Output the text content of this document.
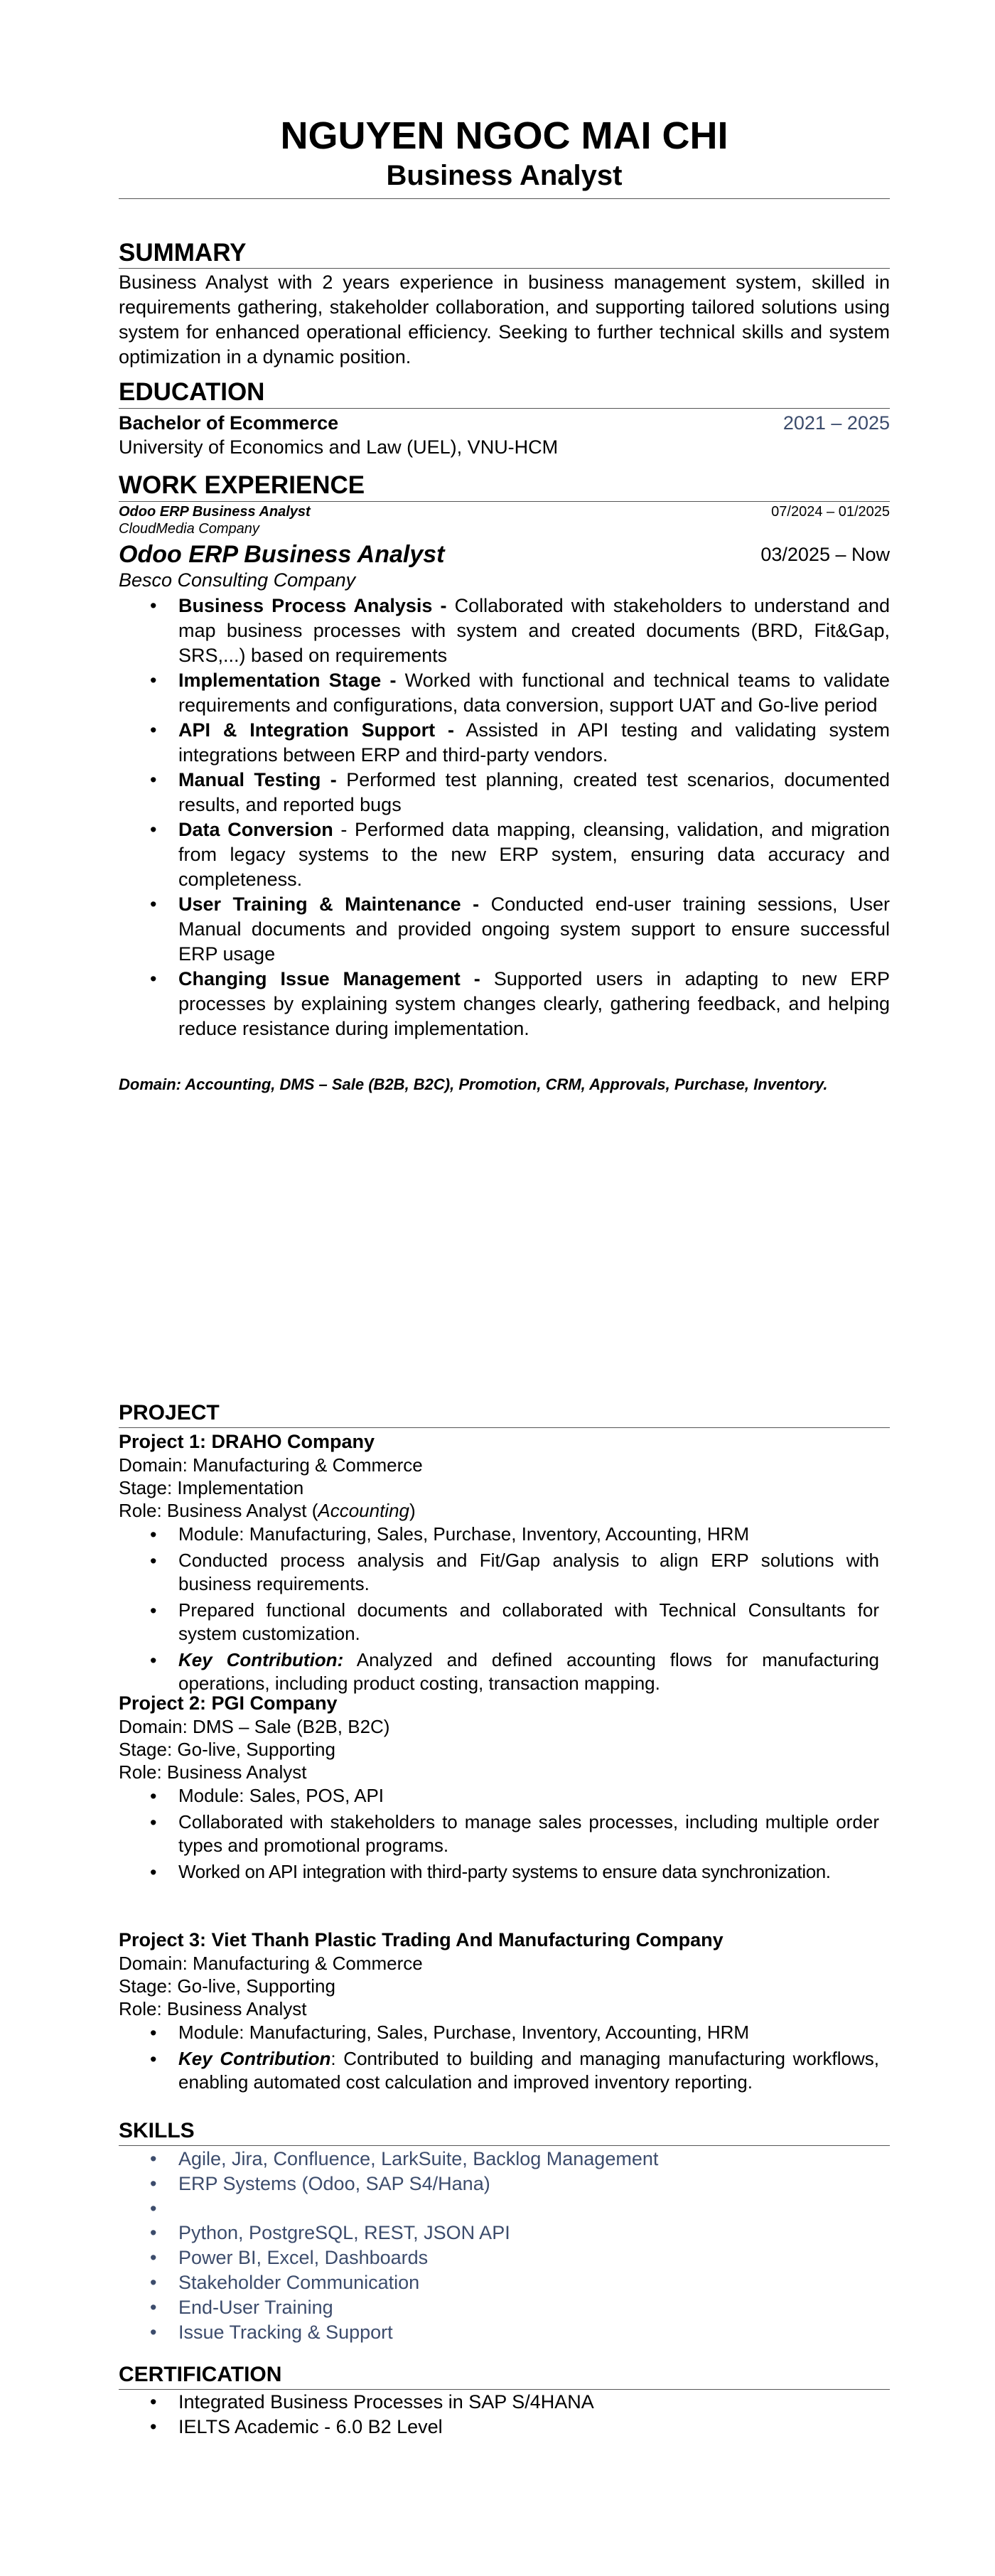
NGUYEN NGOC MAI CHI
Business Analyst
SUMMARY
Business Analyst with 2 years experience in business management system, skilled in requirements gathering, stakeholder collaboration, and supporting tailored solutions using system for enhanced operational efficiency. Seeking to further technical skills and system optimization in a dynamic position.
EDUCATION
Bachelor of Ecommerce	2021 – 2025
University of Economics and Law (UEL), VNU-HCM
WORK EXPERIENCE
Odoo ERP Business Analyst	07/2024 – 01/2025
CloudMedia Company
Odoo ERP Business Analyst	03/2025 – Now
Besco Consulting Company
• Business Process Analysis - Collaborated with stakeholders to understand and map business processes with system and created documents (BRD, Fit&Gap, SRS,...) based on requirements
• Implementation Stage - Worked with functional and technical teams to validate requirements and configurations, data conversion, support UAT and Go-live period
• API & Integration Support - Assisted in API testing and validating system integrations between ERP and third-party vendors.
• Manual Testing - Performed test planning, created test scenarios, documented results, and reported bugs
• Data Conversion - Performed data mapping, cleansing, validation, and migration from legacy systems to the new ERP system, ensuring data accuracy and completeness.
• User Training & Maintenance - Conducted end-user training sessions, User Manual documents and provided ongoing system support to ensure successful ERP usage
• Changing Issue Management - Supported users in adapting to new ERP processes by explaining system changes clearly, gathering feedback, and helping reduce resistance during implementation.
Domain: Accounting, DMS – Sale (B2B, B2C), Promotion, CRM, Approvals, Purchase, Inventory.
PROJECT
Project 1: DRAHO Company
Domain: Manufacturing & Commerce
Stage: Implementation
Role: Business Analyst (Accounting)
• Module: Manufacturing, Sales, Purchase, Inventory, Accounting, HRM
• Conducted process analysis and Fit/Gap analysis to align ERP solutions with business requirements.
• Prepared functional documents and collaborated with Technical Consultants for system customization.
• Key Contribution: Analyzed and defined accounting flows for manufacturing operations, including product costing, transaction mapping.
Project 2: PGI Company
Domain: DMS – Sale (B2B, B2C)
Stage: Go-live, Supporting
Role: Business Analyst
• Module: Sales, POS, API
• Collaborated with stakeholders to manage sales processes, including multiple order types and promotional programs.
• Worked on API integration with third-party systems to ensure data synchronization.
Project 3: Viet Thanh Plastic Trading And Manufacturing Company
Domain: Manufacturing & Commerce
Stage: Go-live, Supporting
Role: Business Analyst
• Module: Manufacturing, Sales, Purchase, Inventory, Accounting, HRM
• Key Contribution: Contributed to building and managing manufacturing workflows, enabling automated cost calculation and improved inventory reporting.
SKILLS
• Agile, Jira, Confluence, LarkSuite, Backlog Management
• ERP Systems (Odoo, SAP S4/Hana)
•
• Python, PostgreSQL, REST, JSON API
• Power BI, Excel, Dashboards
• Stakeholder Communication
• End-User Training
• Issue Tracking & Support
CERTIFICATION
• Integrated Business Processes in SAP S/4HANA
• IELTS Academic - 6.0 B2 Level
